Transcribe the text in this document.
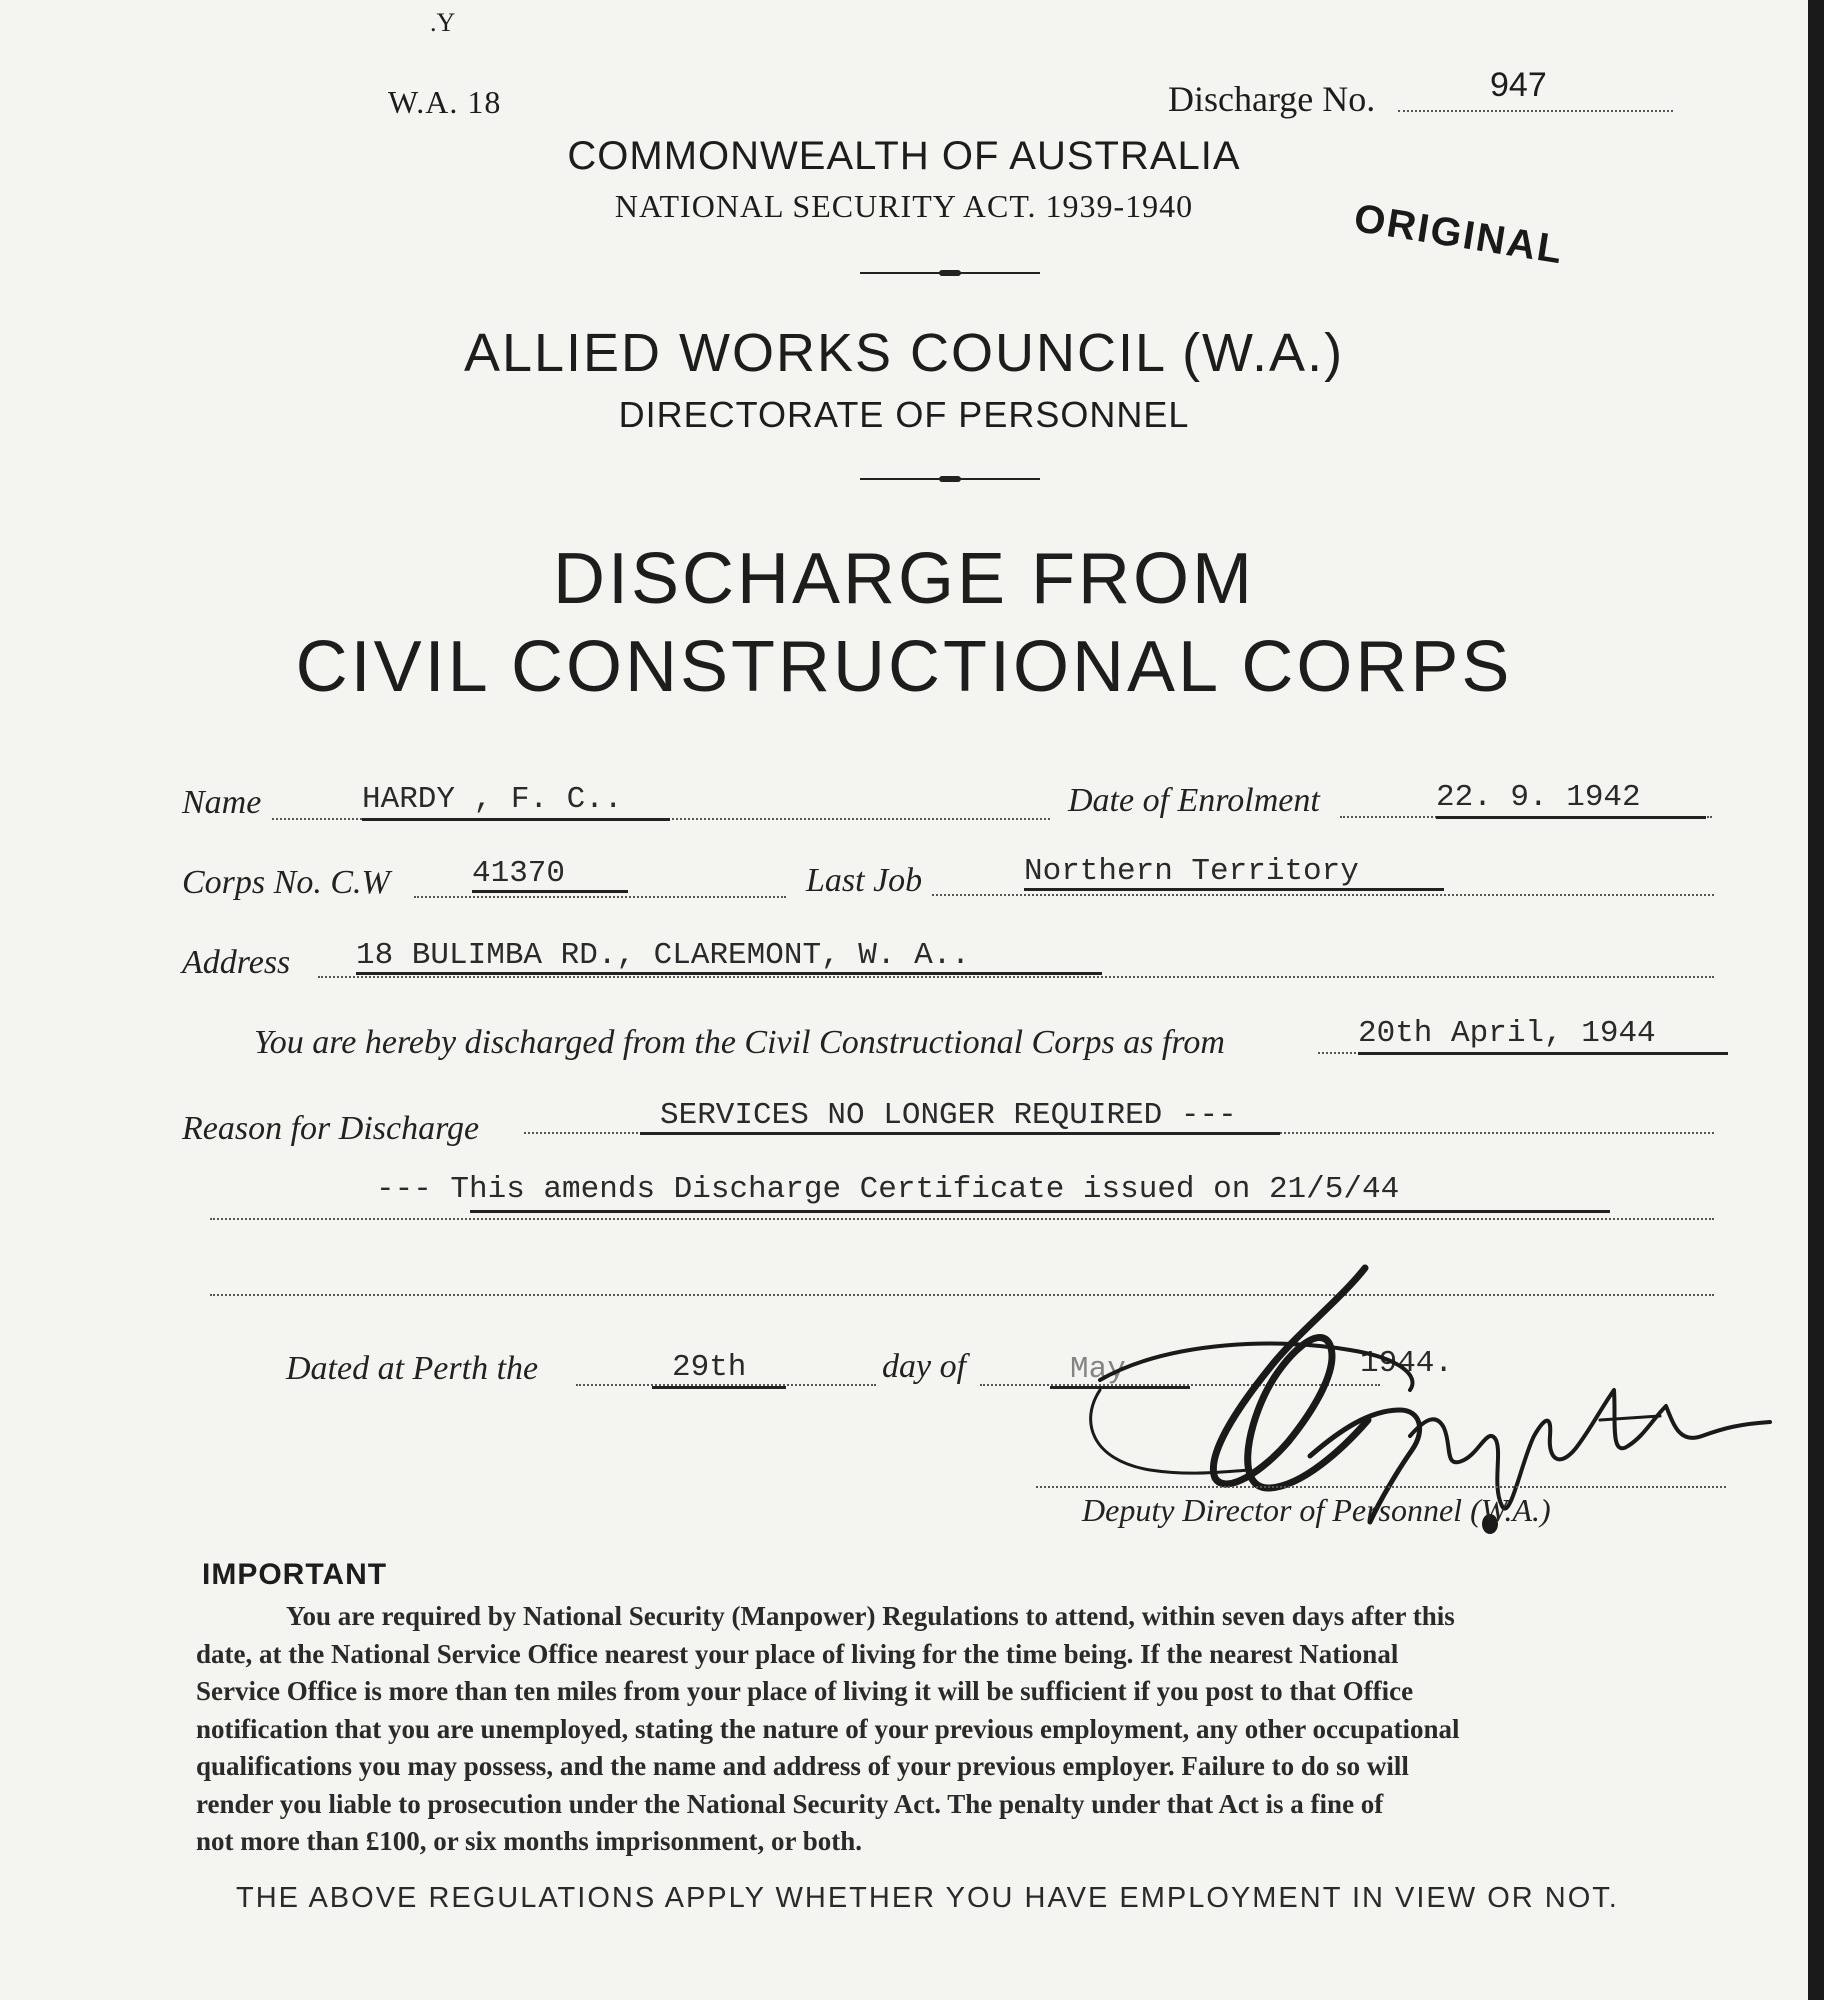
.Y
W.A. 18	Discharge No.	947
COMMONWEALTH OF AUSTRALIA
NATIONAL SECURITY ACT. 1939-1940	ORIGINAL
ALLIED WORKS COUNCIL (W.A.)
DIRECTORATE OF PERSONNEL
DISCHARGE FROM
CIVIL CONSTRUCTIONAL CORPS
Name	HARDY , F. C..	Date of Enrolment	22. 9. 1942
Corps No. C.W	41370	Last Job	Northern Territory
Address 18 BULIMBA RD., CLAREMONT, W. A..
You are hereby discharged from the Civil Constructional Corps as from	20th April, 1944
Reason for Discharge	SERVICES NO LONGER REQUIRED ---
--- This amends Discharge Certificate issued on 21/5/44
Dated at Perth the	29th	day of	May	1944.
Deputy Director of Personnel (W.A.)
IMPORTANT
You are required by National Security (Manpower) Regulations to attend, within seven days after this
date, at the National Service Office nearest your place of living for the time being. If the nearest National
Service Office is more than ten miles from your place of living it will be sufficient if you post to that Office
notification that you are unemployed, stating the nature of your previous employment, any other occupational
qualifications you may possess, and the name and address of your previous employer. Failure to do so will
render you liable to prosecution under the National Security Act. The penalty under that Act is a fine of
not more than £100, or six months imprisonment, or both.
THE ABOVE REGULATIONS APPLY WHETHER YOU HAVE EMPLOYMENT IN VIEW OR NOT.
